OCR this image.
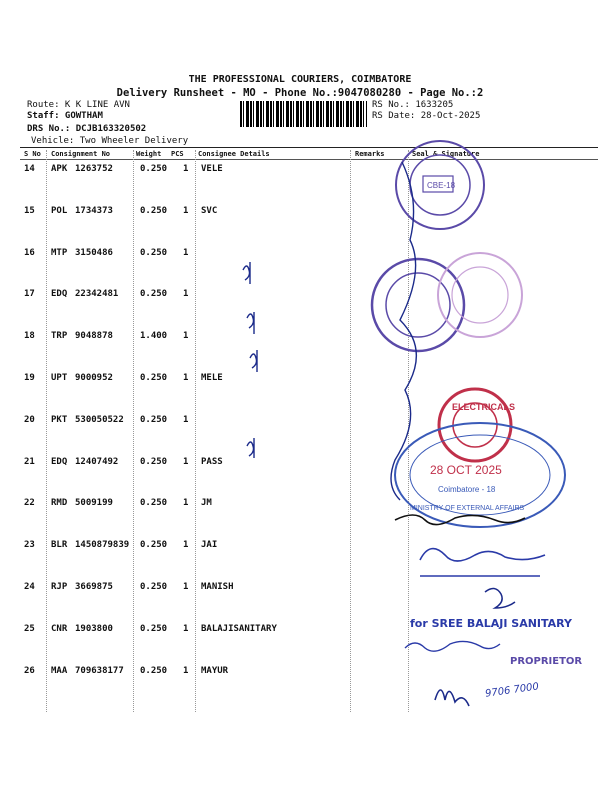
THE PROFESSIONAL COURIERS, COIMBATORE
Delivery Runsheet - MO - Phone No.:9047080280 - Page No.:2
Route: K K LINE AVN
Staff: GOWTHAM
DRS No.: DCJB163320502
Vehicle: Two Wheeler Delivery
RS No.: 1633205
RS Date: 28-Oct-2025
S No Consignment No	Weight PCS Consignee Details	Remarks	Seal & Signature
14 APK 1263752	0.250 1 VELE
15 POL 1734373	0.250 1 SVC
16 MTP 3150486	0.250 1
17 EDQ 22342481 0.250 1
18 TRP 9048878	1.400 1
19 UPT 9000952	0.250 1 MELE
20 PKT 530050522 0.250 1
21 EDQ 12407492 0.250 1 PASS
22 RMD 5009199	0.250 1 JM
23 BLR 1450879839 0.250 1 JAI
24 RJP 3669875	0.250 1 MANISH
25 CNR 1903800	0.250 1 BALAJISANITARY
26 MAA 709638177 0.250 1 MAYUR
CBE-18
ELECTRICALS
28 OCT 2025
Coimbatore - 18
MINISTRY OF EXTERNAL AFFAIRS
for SREE BALAJI SANITARY
PROPRIETOR
9706 7000
